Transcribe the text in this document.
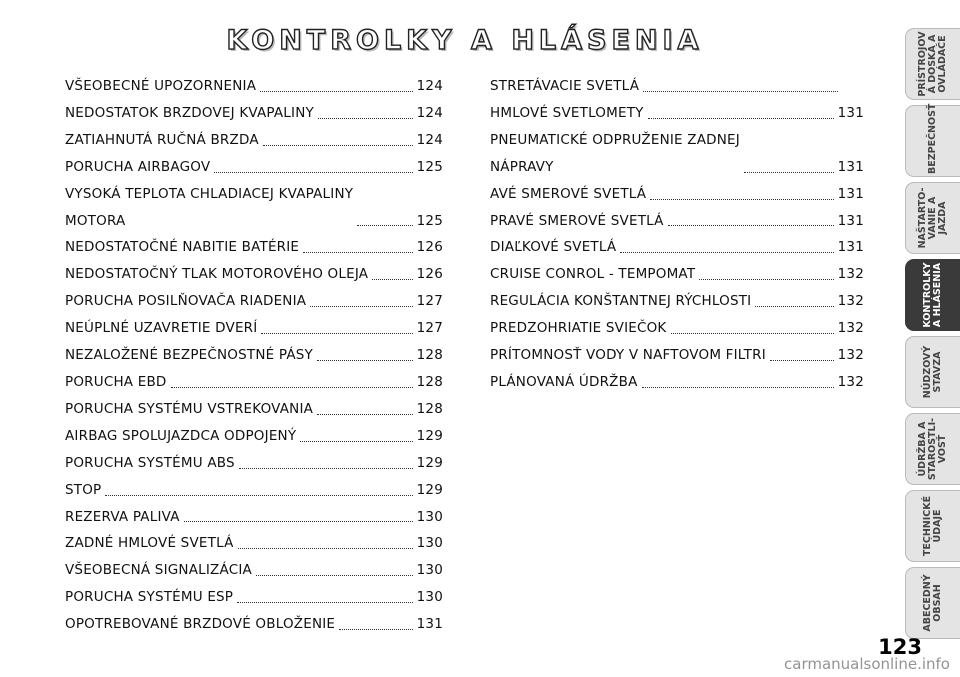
KONTROLKY A HLÁSENIA
VŠEOBECNÉ UPOZORNENIA	124
NEDOSTATOK BRZDOVEJ KVAPALINY	124
ZATIAHNUTÁ RUČNÁ BRZDA	124
PORUCHA AIRBAGOV	125
VYSOKÁ TEPLOTA CHLADIACEJ KVAPALINY
MOTORA	125
NEDOSTATOČNÉ NABITIE BATÉRIE	126
NEDOSTATOČNÝ TLAK MOTOROVÉHO OLEJA	126
PORUCHA POSILŇOVAČA RIADENIA	127
NEÚPLNÉ UZAVRETIE DVERÍ	127
NEZALOŽENÉ BEZPEČNOSTNÉ PÁSY	128
PORUCHA EBD	128
PORUCHA SYSTÉMU VSTREKOVANIA	128
AIRBAG SPOLUJAZDCA ODPOJENÝ	129
PORUCHA SYSTÉMU ABS	129
STOP	129
REZERVA PALIVA	130
ZADNÉ HMLOVÉ SVETLÁ	130
VŠEOBECNÁ SIGNALIZÁCIA	130
PORUCHA SYSTÉMU ESP	130
OPOTREBOVANÉ BRZDOVÉ OBLOŽENIE	131
STRETÁVACIE SVETLÁ
HMLOVÉ SVETLOMETY	131
PNEUMATICKÉ ODPRUŽENIE ZADNEJ
NÁPRAVY	131
AVÉ SMEROVÉ SVETLÁ	131
PRAVÉ SMEROVÉ SVETLÁ	131
DIAĽKOVÉ SVETLÁ	131
CRUISE CONROL - TEMPOMAT	132
REGULÁCIA KONŠTANTNEJ RÝCHLOSTI	132
PREDZOHRIATIE SVIEČOK	132
PRÍTOMNOSŤ VODY V NAFTOVOM FILTRI	132
PLÁNOVANÁ ÚDRŽBA	132
PRÍSTROJOV
Á DOSKA A
OVLÁDAČE
BEZPEČNOSŤ
NAŠTARTO-
VANIE A
JAZDA
KONTROLKY
A HLÁSENIA
NÚDZOVÝ
STAVZA
ÚDRŽBA A
STAROSTLI-
VOSŤ
TECHNICKÉ
ÚDAJE
ABECEDNÝ
OBSAH
123
carmanualsonline.info
